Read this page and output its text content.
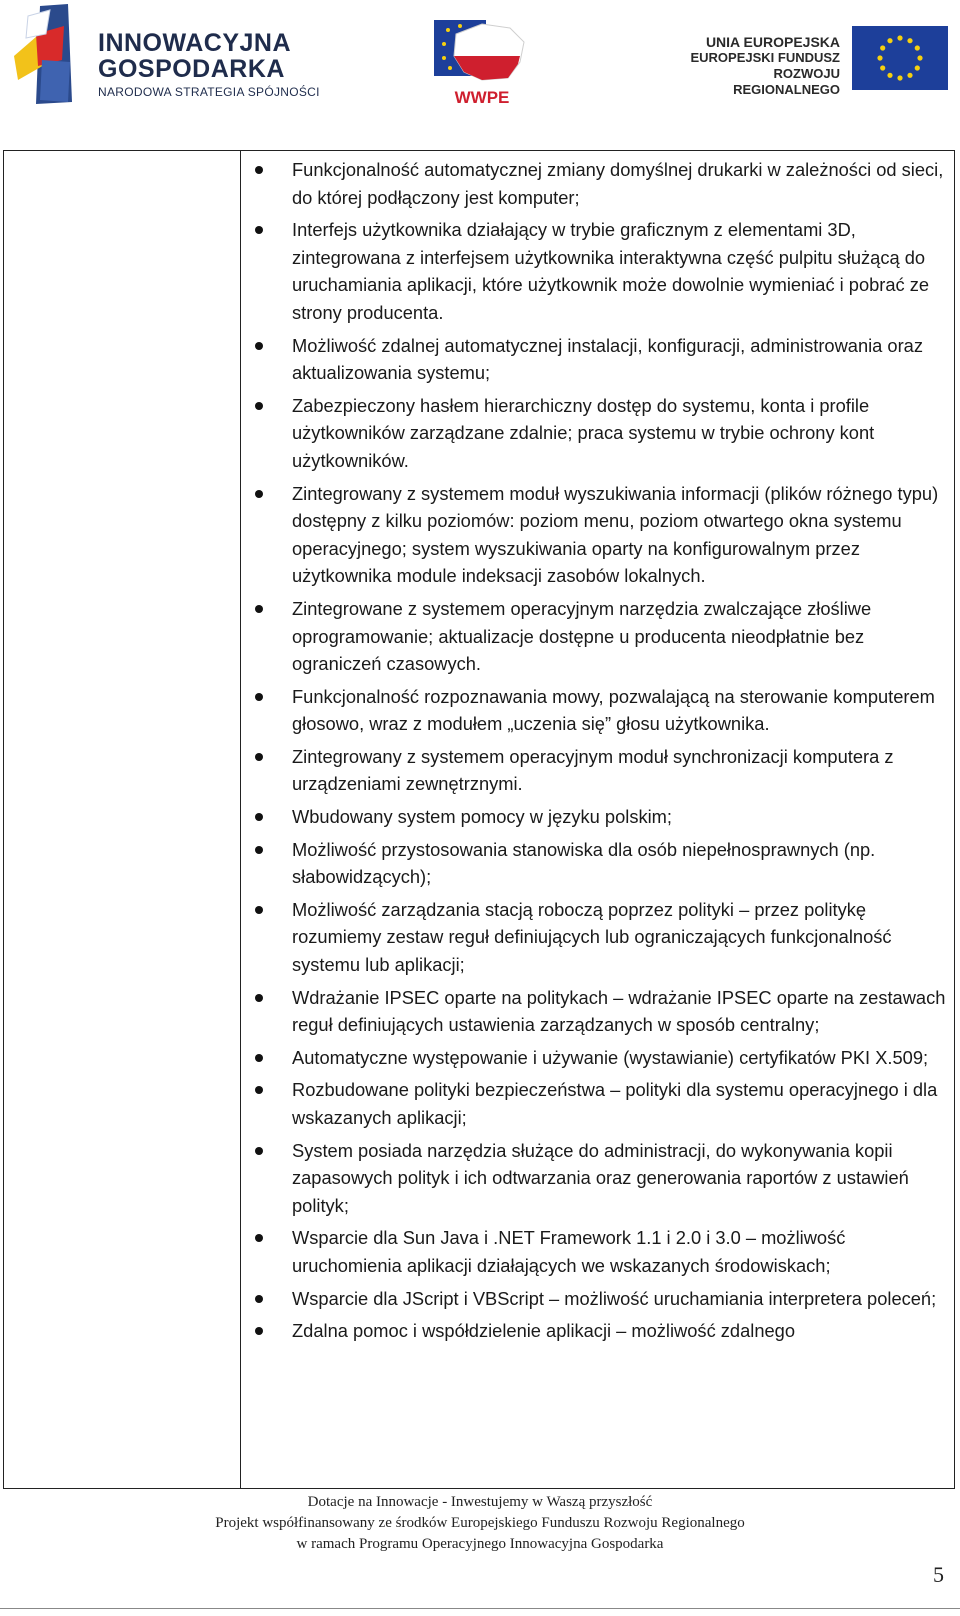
INNOWACYJNA
GOSPODARKA
NARODOWA STRATEGIA SPÓJNOŚCI	WWPE
UNIA EUROPEJSKA
EUROPEJSKI FUNDUSZ
ROZWOJU REGIONALNEGO
Funkcjonalność automatycznej zmiany domyślnej drukarki w zależności od sieci, do której podłączony jest komputer;
Interfejs użytkownika działający w trybie graficznym z elementami 3D, zintegrowana z interfejsem użytkownika interaktywna część pulpitu służącą do uruchamiania aplikacji, które użytkownik może dowolnie wymieniać i pobrać ze strony producenta.
Możliwość zdalnej automatycznej instalacji, konfiguracji, administrowania oraz aktualizowania systemu;
Zabezpieczony hasłem hierarchiczny dostęp do systemu, konta i profile użytkowników zarządzane zdalnie; praca systemu w trybie ochrony kont użytkowników.
Zintegrowany z systemem moduł wyszukiwania informacji (plików różnego typu) dostępny z kilku poziomów: poziom menu, poziom otwartego okna systemu operacyjnego; system wyszukiwania oparty na konfigurowalnym przez użytkownika module indeksacji zasobów lokalnych.
Zintegrowane z systemem operacyjnym narzędzia zwalczające złośliwe oprogramowanie; aktualizacje dostępne u producenta nieodpłatnie bez ograniczeń czasowych.
Funkcjonalność rozpoznawania mowy, pozwalającą na sterowanie komputerem głosowo, wraz z modułem „uczenia się” głosu użytkownika.
Zintegrowany z systemem operacyjnym moduł synchronizacji komputera z urządzeniami zewnętrznymi.
Wbudowany system pomocy w języku polskim;
Możliwość przystosowania stanowiska dla osób niepełnosprawnych (np. słabowidzących);
Możliwość zarządzania stacją roboczą poprzez polityki – przez politykę rozumiemy zestaw reguł definiujących lub ograniczających funkcjonalność systemu lub aplikacji;
Wdrażanie IPSEC oparte na politykach – wdrażanie IPSEC oparte na zestawach reguł definiujących ustawienia zarządzanych w sposób centralny;
Automatyczne występowanie i używanie (wystawianie) certyfikatów PKI X.509;
Rozbudowane polityki bezpieczeństwa – polityki dla systemu operacyjnego i dla wskazanych aplikacji;
System posiada narzędzia służące do administracji, do wykonywania kopii zapasowych polityk i ich odtwarzania oraz generowania raportów z ustawień polityk;
Wsparcie dla Sun Java i .NET Framework 1.1 i 2.0 i 3.0 – możliwość uruchomienia aplikacji działających we wskazanych środowiskach;
Wsparcie dla JScript i VBScript – możliwość uruchamiania interpretera poleceń;
Zdalna pomoc i współdzielenie aplikacji – możliwość zdalnego
Dotacje na Innowacje - Inwestujemy w Waszą przyszłość
Projekt współfinansowany ze środków Europejskiego Funduszu Rozwoju Regionalnego
w ramach Programu Operacyjnego Innowacyjna Gospodarka
5
